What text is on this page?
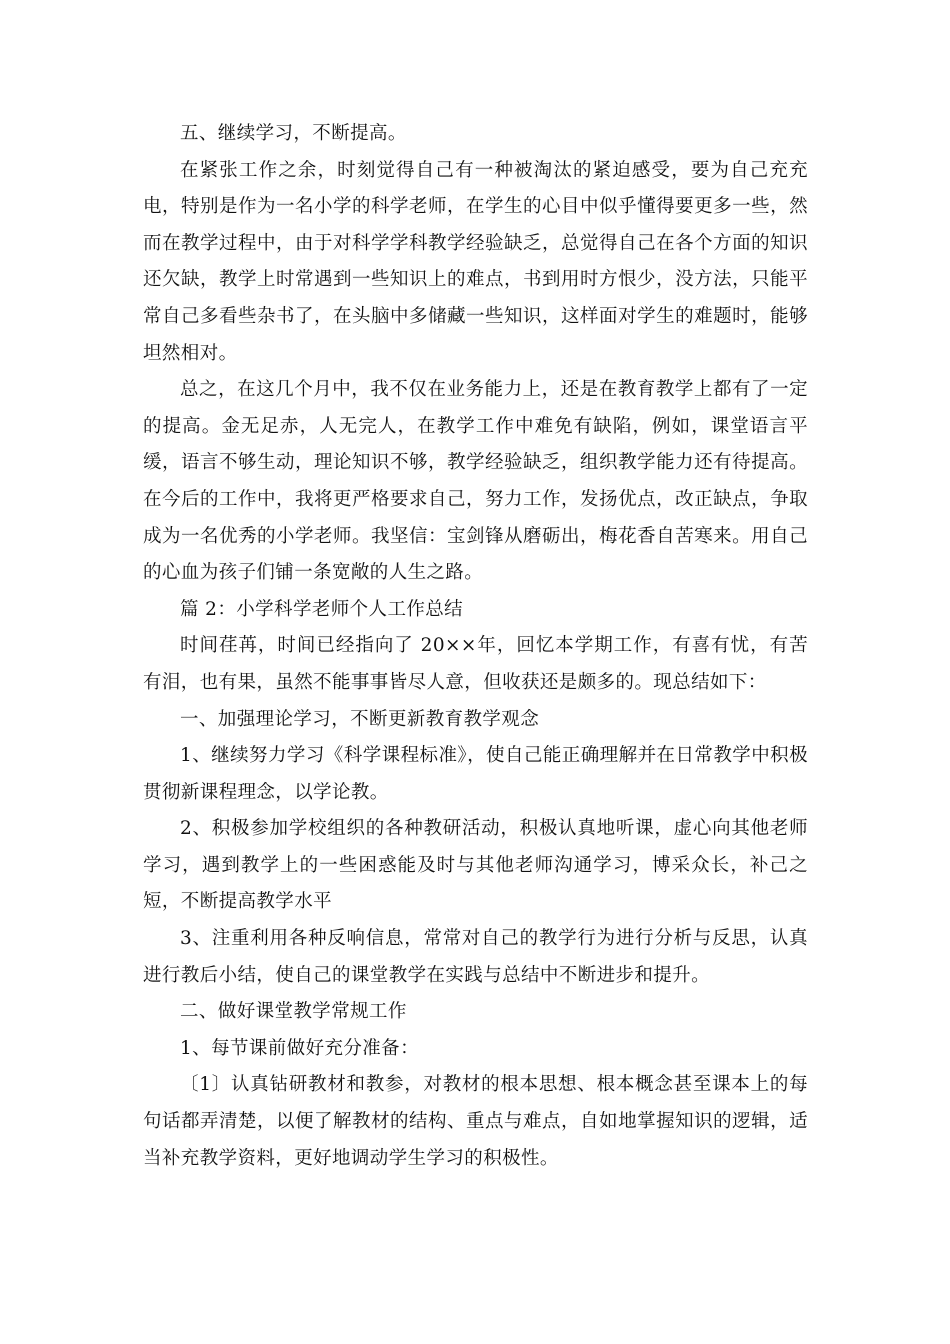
五、继续学习，不断提高。

在紧张工作之余，时刻觉得自己有一种被淘汰的紧迫感受，要为自己充充电，特别是作为一名小学的科学老师，在学生的心目中似乎懂得要更多一些，然而在教学过程中，由于对科学学科教学经验缺乏，总觉得自己在各个方面的知识还欠缺，教学上时常遇到一些知识上的难点，书到用时方恨少，没方法，只能平常自己多看些杂书了，在头脑中多储藏一些知识，这样面对学生的难题时，能够坦然相对。

总之，在这几个月中，我不仅在业务能力上，还是在教育教学上都有了一定的提高。金无足赤，人无完人，在教学工作中难免有缺陷，例如，课堂语言平缓，语言不够生动，理论知识不够，教学经验缺乏，组织教学能力还有待提高。在今后的工作中，我将更严格要求自己，努力工作，发扬优点，改正缺点，争取成为一名优秀的小学老师。我坚信：宝剑锋从磨砺出，梅花香自苦寒来。用自己的心血为孩子们铺一条宽敞的人生之路。

篇 2：小学科学老师个人工作总结

时间荏苒，时间已经指向了 20××年，回忆本学期工作，有喜有忧，有苦有泪，也有果，虽然不能事事皆尽人意，但收获还是颇多的。现总结如下：

一、加强理论学习，不断更新教育教学观念

1、继续努力学习《科学课程标准》，使自己能正确理解并在日常教学中积极贯彻新课程理念，以学论教。

2、积极参加学校组织的各种教研活动，积极认真地听课，虚心向其他老师学习，遇到教学上的一些困惑能及时与其他老师沟通学习，博采众长，补己之短，不断提高教学水平

3、注重利用各种反响信息，常常对自己的教学行为进行分析与反思，认真进行教后小结，使自己的课堂教学在实践与总结中不断进步和提升。

二、做好课堂教学常规工作

1、每节课前做好充分准备：

〔1〕认真钻研教材和教参，对教材的根本思想、根本概念甚至课本上的每句话都弄清楚，以便了解教材的结构、重点与难点，自如地掌握知识的逻辑，适当补充教学资料，更好地调动学生学习的积极性。
